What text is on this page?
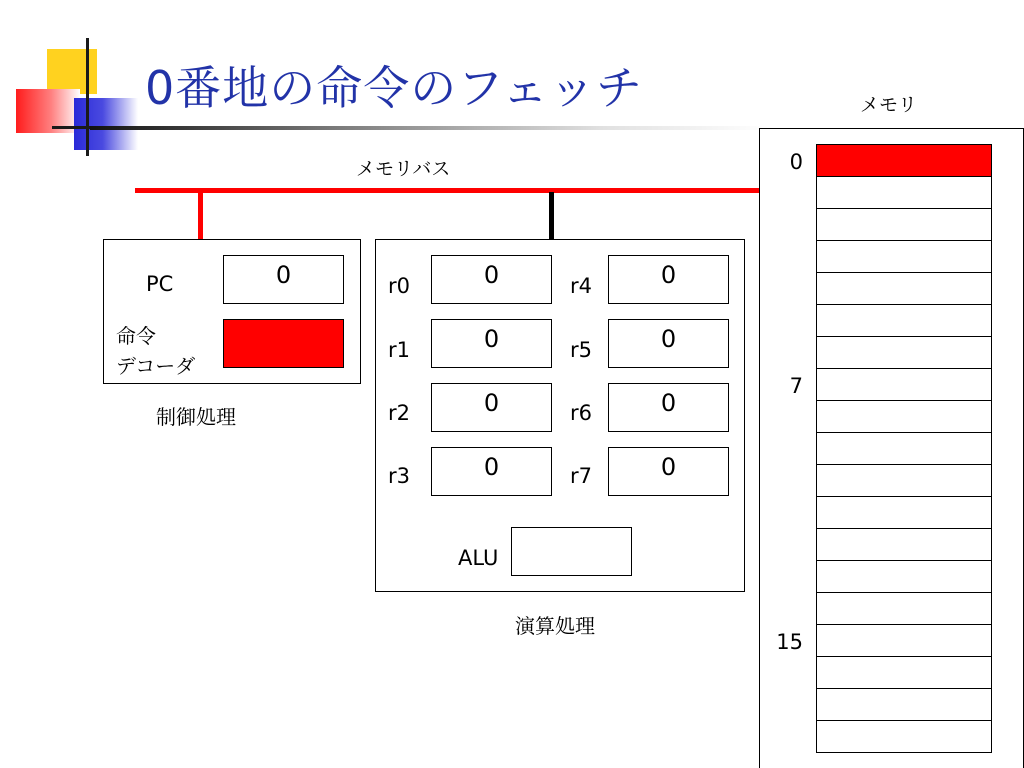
0番地の命令のフェッチ
メモリバス
PC	0
命令
デコーダ
制御処理
r0	0
r1	0
r2	0
r3	0
r4	0
r5	0
r6	0
r7	0
ALU
演算処理
メモリ
0
7
15
